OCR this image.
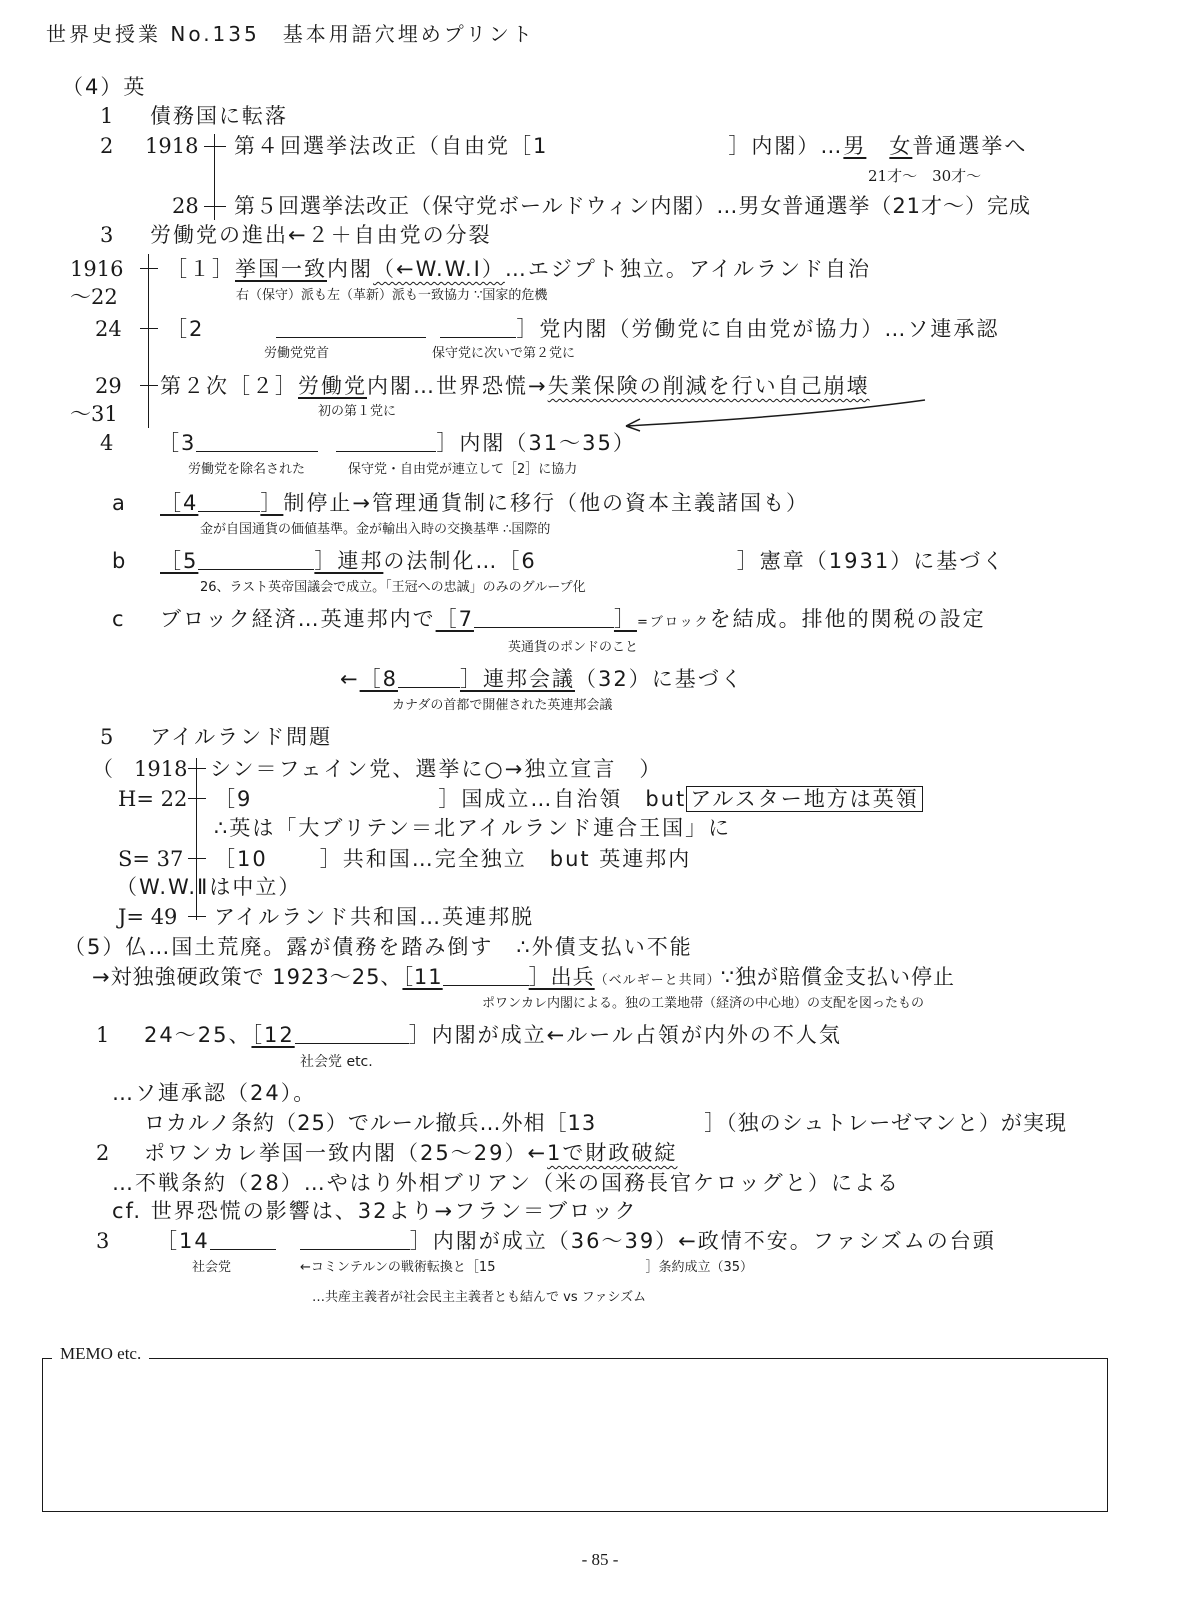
世界史授業 No.135　基本用語穴埋めプリント
（4）英
1 債務国に転落
2 1918 第４回選挙法改正（自由党［1	］内閣）…男　 女普通選挙へ
21才～　30才～
28 第５回選挙法改正（保守党ボールドウィン内閣）…男女普通選挙（21才～）完成
3 労働党の進出←２＋自由党の分裂
1916 ［１］挙国一致内閣（←W.W.Ⅰ）…エジプト独立。アイルランド自治
～22	右（保守）派も左（革新）派も一致協力 ∵国家的危機
24 ［2	］党内閣（労働党に自由党が協力）…ソ連承認
労働党党首	保守党に次いで第２党に
29 第２次［２］労働党内閣…世界恐慌→失業保険の削減を行い自己崩壊
～31	初の第１党に
4 ［3	］内閣（31～35）
労働党を除名された	保守党・自由党が連立して［2］に協力
a ［4	］制停止→管理通貨制に移行（他の資本主義諸国も）
金が自国通貨の価値基準。金が輸出入時の交換基準 ∴国際的
b ［5	］連邦の法制化…［6	］憲章（1931）に基づく
26、ラスト英帝国議会で成立。「王冠への忠誠」のみのグループ化
c ブロック経済…英連邦内で［7	］=ブロックを結成。排他的関税の設定
英通貨のポンドのこと
←［8	］連邦会議（32）に基づく
カナダの首都で開催された英連邦会議
5 アイルランド問題
（　1918 シン＝フェイン党、選挙に○→独立宣言　）
H= 22 ［9	］国成立…自治領　but アルスター地方は英領
∴英は「大ブリテン＝北アイルランド連合王国」に
S= 37 ［10 ］共和国…完全独立　but 英連邦内
（W.W.Ⅱは中立）
J= 49 アイルランド共和国…英連邦脱
（5）仏…国土荒廃。露が債務を踏み倒す　∴外債支払い不能
→対独強硬政策で 1923～25、［11	］出兵（ベルギーと共同）∵独が賠償金支払い停止
ポワンカレ内閣による。独の工業地帯（経済の中心地）の支配を図ったもの
1 24～25、［12	］内閣が成立←ルール占領が内外の不人気
社会党 etc.
…ソ連承認（24）。
ロカルノ条約（25）でルール撤兵…外相［13	］（独のシュトレーゼマンと）が実現
2 ポワンカレ挙国一致内閣（25～29）←1で財政破綻
…不戦条約（28）…やはり外相ブリアン（米の国務長官ケロッグと）による
cf. 世界恐慌の影響は、32より→フラン＝ブロック
3 ［14	］内閣が成立（36～39）←政情不安。ファシズムの台頭
社会党	←コミンテルンの戦術転換と［15	］条約成立（35）
…共産主義者が社会民主主義者とも結んで vs ファシズム
MEMO etc.
- 85 -
